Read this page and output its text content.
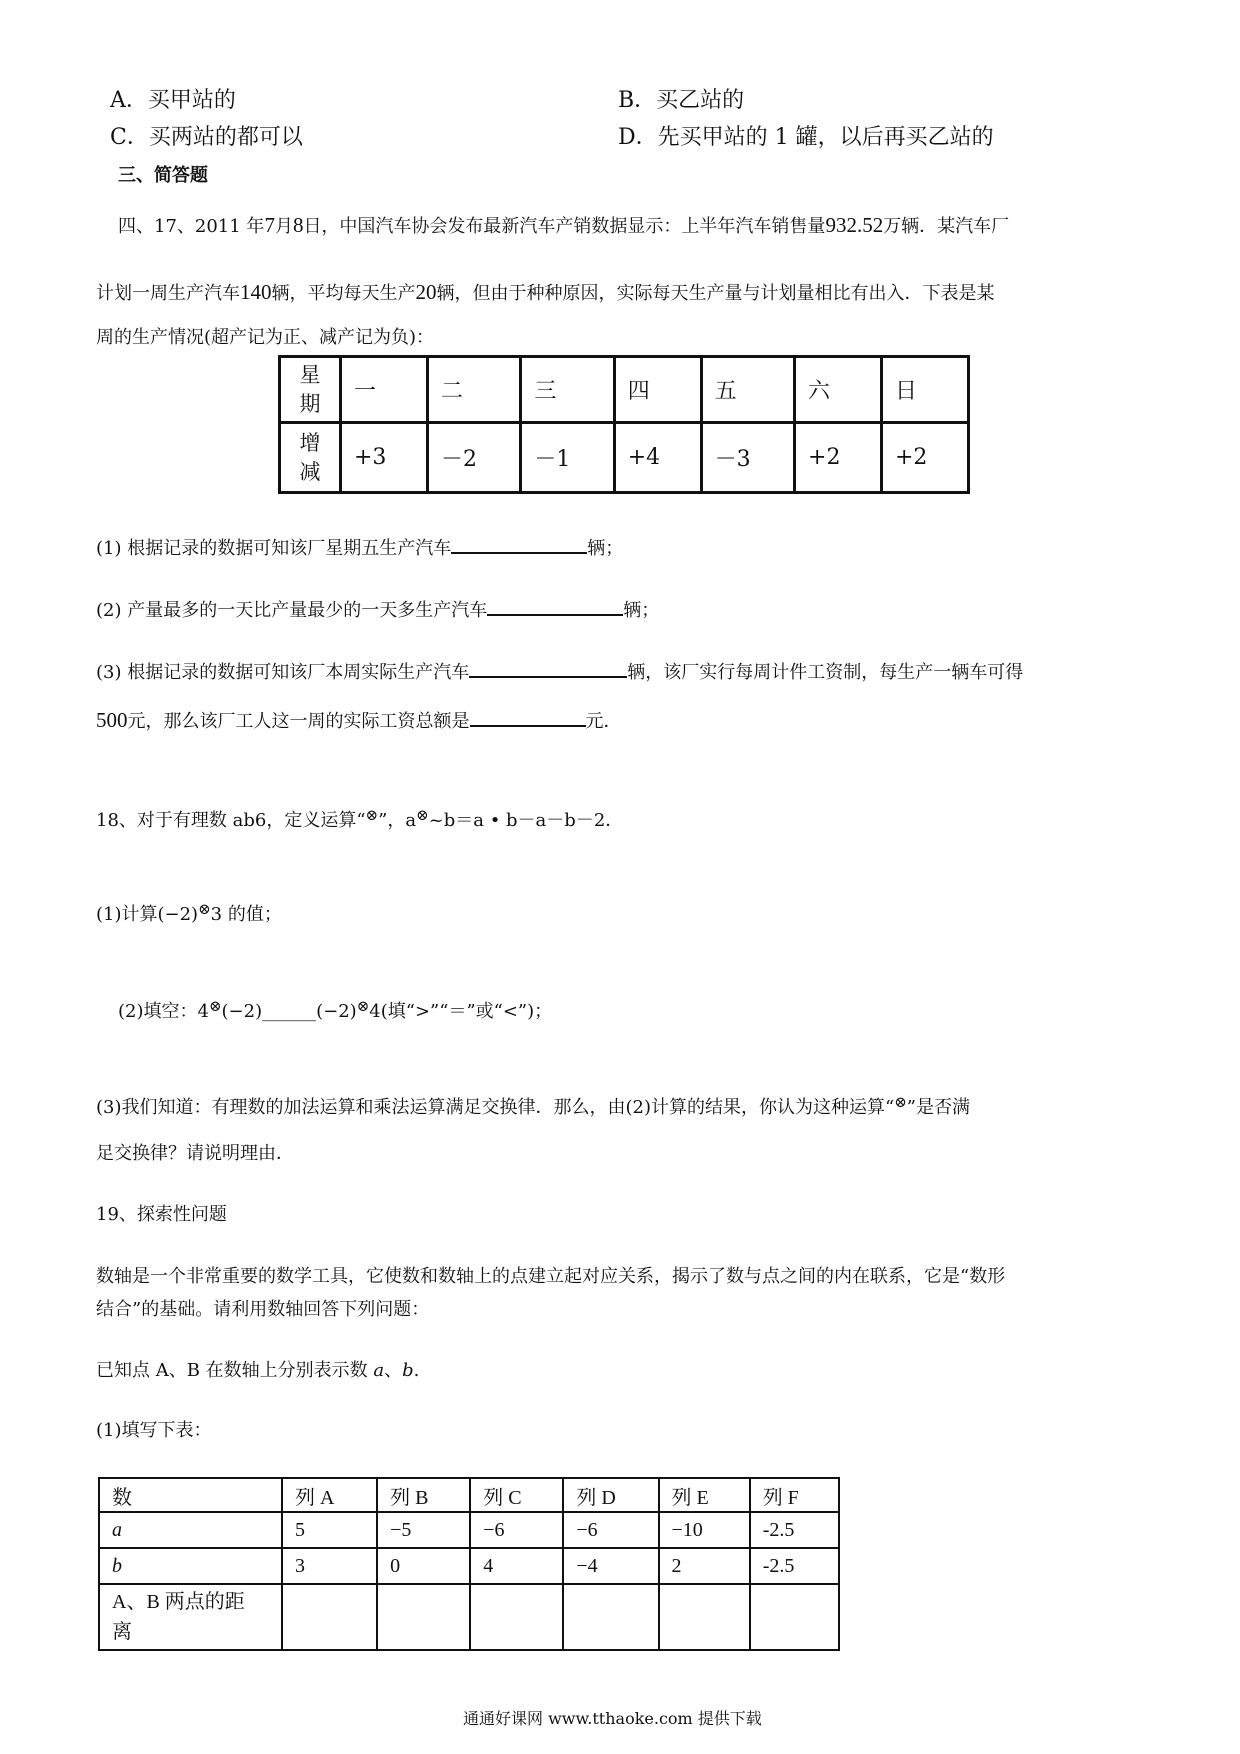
A．买甲站的	B．买乙站的
C．买两站的都可以	D．先买甲站的 1 罐，以后再买乙站的
三、简答题
四、17、2011 年7月8日，中国汽车协会发布最新汽车产销数据显示：上半年汽车销售量932.52万辆．某汽车厂
计划一周生产汽车140辆，平均每天生产20辆，但由于种种原因，实际每天生产量与计划量相比有出入．下表是某
周的生产情况(超产记为正、减产记为负)：
星
期	一	二	三	四	五	六	日
增
减	+3	－2	－1	+4	－3	+2	+2
(1) 根据记录的数据可知该厂星期五生产汽车	辆；
(2) 产量最多的一天比产量最少的一天多生产汽车	辆；
(3) 根据记录的数据可知该厂本周实际生产汽车	辆，该厂实行每周计件工资制，每生产一辆车可得
500元，那么该厂工人这一周的实际工资总额是	元．
18、对于有理数 ab6，定义运算“⊗”，a⊗~b＝a • b－a－b－2．
(1)计算(−2)⊗3 的值；
(2)填空：4⊗(−2)______(−2)⊗4(填“>”“＝”或“<”)；
(3)我们知道：有理数的加法运算和乘法运算满足交换律．那么，由(2)计算的结果，你认为这种运算“⊗”是否满
足交换律？请说明理由．
19、探索性问题
数轴是一个非常重要的数学工具，它使数和数轴上的点建立起对应关系，揭示了数与点之间的内在联系，它是“数形
结合”的基础。请利用数轴回答下列问题：
已知点 A、B 在数轴上分别表示数 a、b.
(1)填写下表：
数	列 A	列 B	列 C	列 D	列 E	列 F
a	5	−5	−6	−6	−10	-2.5
b	3	0	4	−4	2	-2.5
A、B 两点的距
离						
通通好课网 www.tthaoke.com 提供下载
